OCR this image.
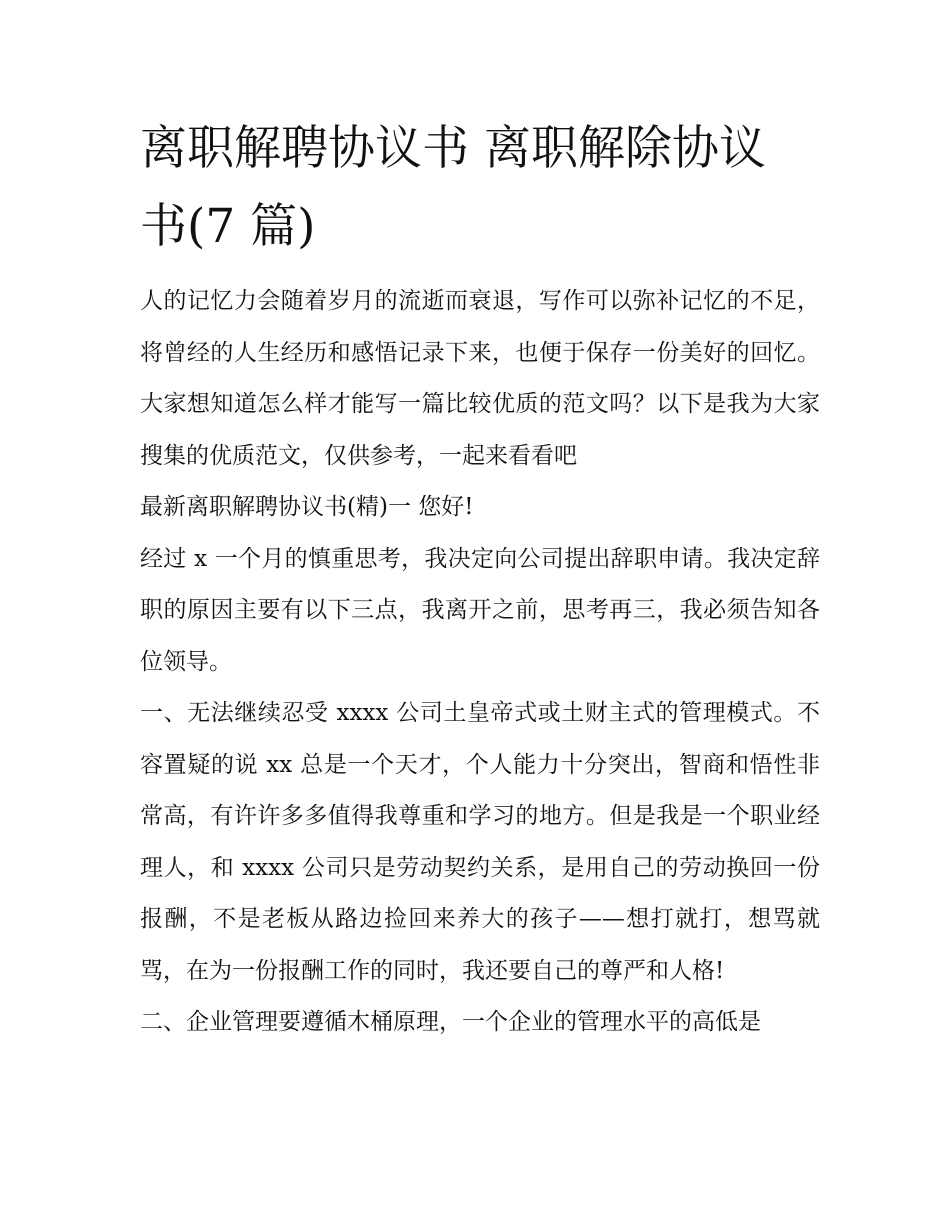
离职解聘协议书 离职解除协议
书(7 篇)

人的记忆力会随着岁月的流逝而衰退，写作可以弥补记忆的不足，将曾经的人生经历和感悟记录下来，也便于保存一份美好的回忆。大家想知道怎么样才能写一篇比较优质的范文吗？以下是我为大家搜集的优质范文，仅供参考，一起来看看吧

最新离职解聘协议书(精)一 您好!

经过 x 一个月的慎重思考，我决定向公司提出辞职申请。我决定辞职的原因主要有以下三点，我离开之前，思考再三，我必须告知各位领导。

一、无法继续忍受 xxxx 公司土皇帝式或土财主式的管理模式。不容置疑的说 xx 总是一个天才，个人能力十分突出，智商和悟性非常高，有许许多多值得我尊重和学习的地方。但是我是一个职业经理人，和 xxxx 公司只是劳动契约关系，是用自己的劳动换回一份报酬，不是老板从路边捡回来养大的孩子——想打就打，想骂就骂，在为一份报酬工作的同时，我还要自己的尊严和人格!

二、企业管理要遵循木桶原理，一个企业的管理水平的高低是
